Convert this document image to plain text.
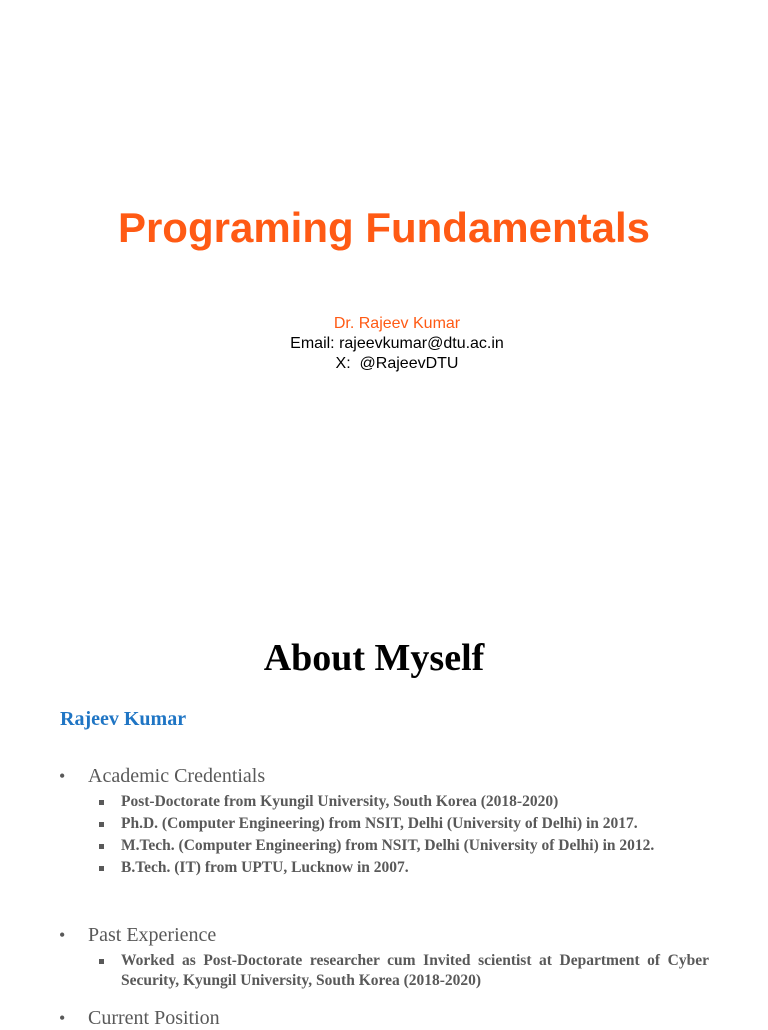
Programing Fundamentals
Dr. Rajeev Kumar
Email: rajeevkumar@dtu.ac.in
X:  @RajeevDTU
About Myself
Rajeev Kumar
• Academic Credentials
Post-Doctorate from Kyungil University, South Korea (2018-2020)
Ph.D. (Computer Engineering) from NSIT, Delhi (University of Delhi) in 2017.
M.Tech. (Computer Engineering) from NSIT, Delhi (University of Delhi) in 2012.
B.Tech. (IT) from UPTU, Lucknow in 2007.
• Past Experience
Worked as Post-Doctorate researcher cum Invited scientist at Department of Cyber Security, Kyungil University, South Korea (2018-2020)
• Current Position
